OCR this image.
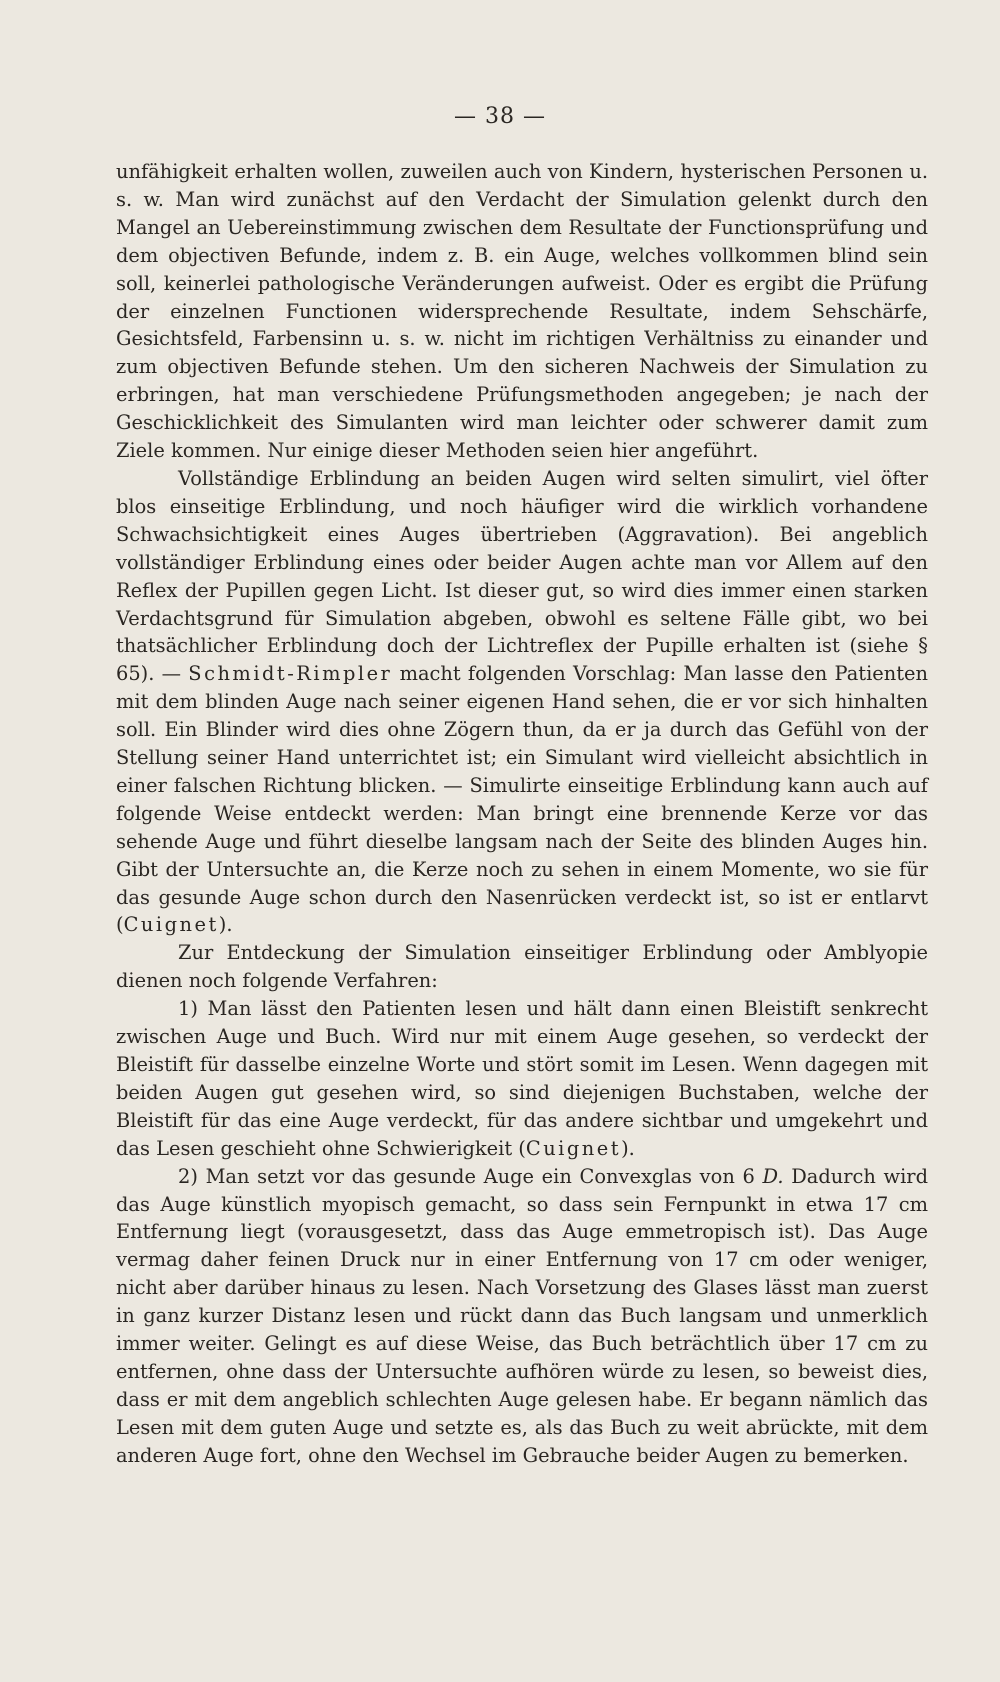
— 38 —

unfähigkeit erhalten wollen, zuweilen auch von Kindern, hysterischen Personen u. s. w. Man wird zunächst auf den Verdacht der Simulation gelenkt durch den Mangel an Uebereinstimmung zwischen dem Resultate der Functionsprüfung und dem objectiven Befunde, indem z. B. ein Auge, welches vollkommen blind sein soll, keinerlei pathologische Veränderungen aufweist. Oder es ergibt die Prüfung der einzelnen Functionen widersprechende Resultate, indem Sehschärfe, Gesichtsfeld, Farbensinn u. s. w. nicht im richtigen Verhältniss zu einander und zum objectiven Befunde stehen. Um den sicheren Nachweis der Simulation zu erbringen, hat man verschiedene Prüfungsmethoden angegeben; je nach der Geschicklichkeit des Simulanten wird man leichter oder schwerer damit zum Ziele kommen. Nur einige dieser Methoden seien hier angeführt.

Vollständige Erblindung an beiden Augen wird selten simulirt, viel öfter blos einseitige Erblindung, und noch häufiger wird die wirklich vorhandene Schwachsichtigkeit eines Auges übertrieben (Aggravation). Bei angeblich vollständiger Erblindung eines oder beider Augen achte man vor Allem auf den Reflex der Pupillen gegen Licht. Ist dieser gut, so wird dies immer einen starken Verdachtsgrund für Simulation abgeben, obwohl es seltene Fälle gibt, wo bei thatsächlicher Erblindung doch der Lichtreflex der Pupille erhalten ist (siehe § 65). — Schmidt-Rimpler macht folgenden Vorschlag: Man lasse den Patienten mit dem blinden Auge nach seiner eigenen Hand sehen, die er vor sich hinhalten soll. Ein Blinder wird dies ohne Zögern thun, da er ja durch das Gefühl von der Stellung seiner Hand unterrichtet ist; ein Simulant wird vielleicht absichtlich in einer falschen Richtung blicken. — Simulirte einseitige Erblindung kann auch auf folgende Weise entdeckt werden: Man bringt eine brennende Kerze vor das sehende Auge und führt dieselbe langsam nach der Seite des blinden Auges hin. Gibt der Untersuchte an, die Kerze noch zu sehen in einem Momente, wo sie für das gesunde Auge schon durch den Nasenrücken verdeckt ist, so ist er entlarvt (Cuignet).

Zur Entdeckung der Simulation einseitiger Erblindung oder Amblyopie dienen noch folgende Verfahren:

1) Man lässt den Patienten lesen und hält dann einen Bleistift senkrecht zwischen Auge und Buch. Wird nur mit einem Auge gesehen, so verdeckt der Bleistift für dasselbe einzelne Worte und stört somit im Lesen. Wenn dagegen mit beiden Augen gut gesehen wird, so sind diejenigen Buchstaben, welche der Bleistift für das eine Auge verdeckt, für das andere sichtbar und umgekehrt und das Lesen geschieht ohne Schwierigkeit (Cuignet).

2) Man setzt vor das gesunde Auge ein Convexglas von 6 D. Dadurch wird das Auge künstlich myopisch gemacht, so dass sein Fernpunkt in etwa 17 cm Entfernung liegt (vorausgesetzt, dass das Auge emmetropisch ist). Das Auge vermag daher feinen Druck nur in einer Entfernung von 17 cm oder weniger, nicht aber darüber hinaus zu lesen. Nach Vorsetzung des Glases lässt man zuerst in ganz kurzer Distanz lesen und rückt dann das Buch langsam und unmerklich immer weiter. Gelingt es auf diese Weise, das Buch beträchtlich über 17 cm zu entfernen, ohne dass der Untersuchte aufhören würde zu lesen, so beweist dies, dass er mit dem angeblich schlechten Auge gelesen habe. Er begann nämlich das Lesen mit dem guten Auge und setzte es, als das Buch zu weit abrückte, mit dem anderen Auge fort, ohne den Wechsel im Gebrauche beider Augen zu bemerken.
